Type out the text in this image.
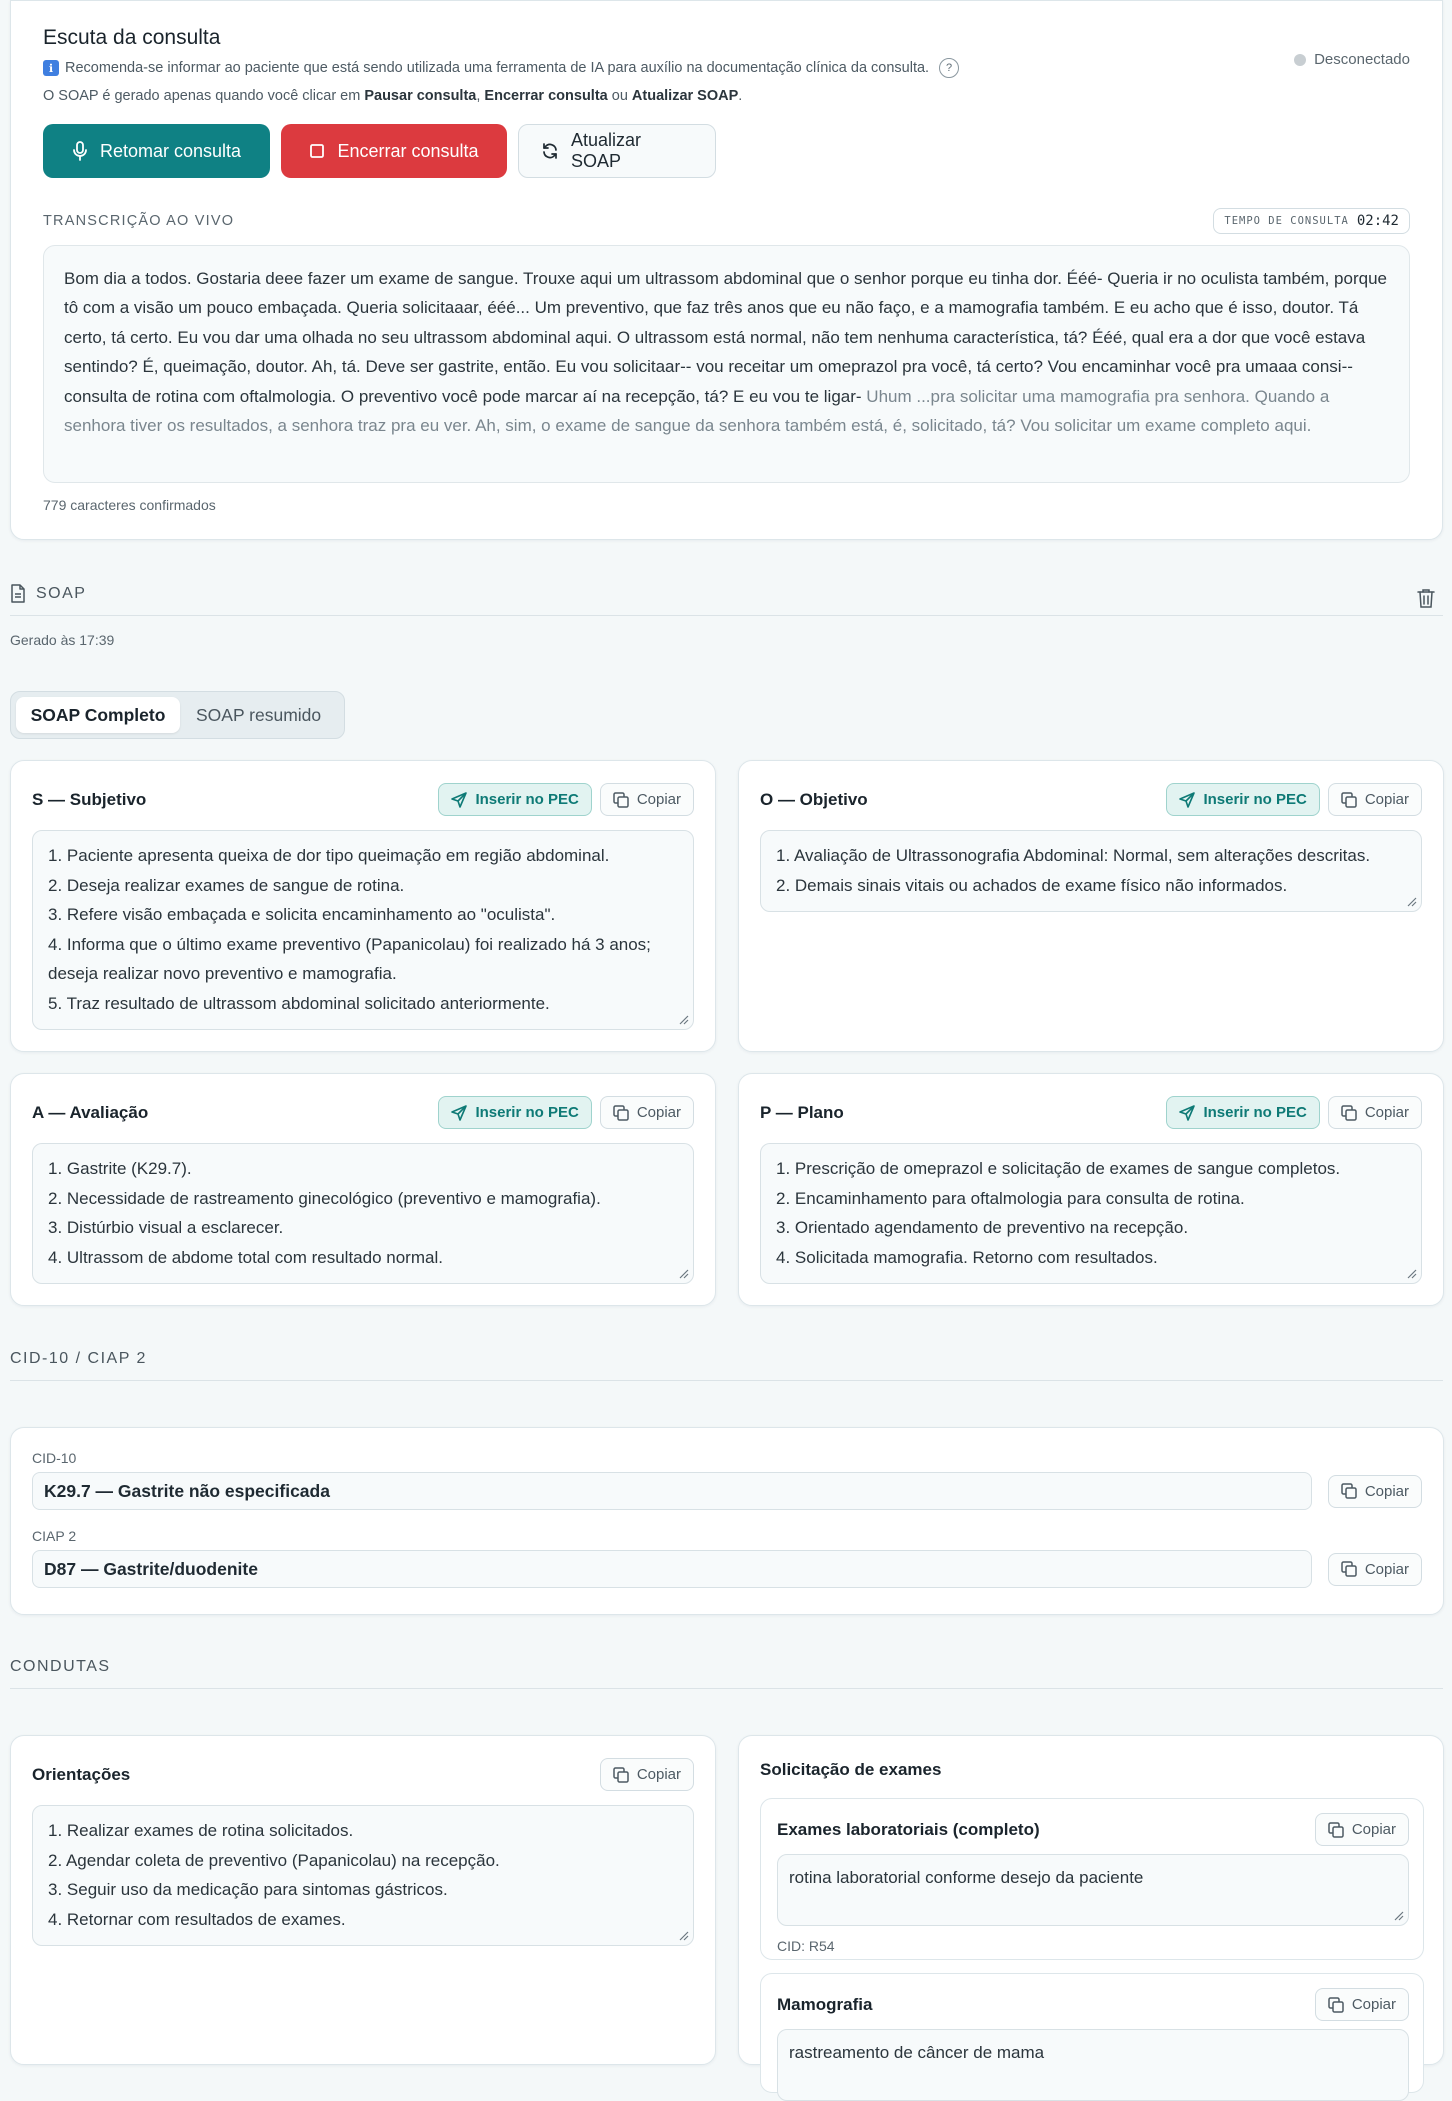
Escuta da consulta
ℹ Recomenda-se informar ao paciente que está sendo utilizada uma ferramenta de IA para auxílio na documentação clínica da consulta.	?
O SOAP é gerado apenas quando você clicar em Pausar consulta, Encerrar consulta ou Atualizar SOAP.
Desconectado
Retomar consulta	Encerrar consulta
Atualizar SOAP
TRANSCRIÇÃO AO VIVO	TEMPO DE CONSULTA 02:42
Bom dia a todos. Gostaria deee fazer um exame de sangue. Trouxe aqui um ultrassom abdominal que o senhor porque eu tinha dor. Ééé- Queria ir no oculista também, porque tô com a visão um pouco embaçada. Queria solicitaaar, ééé... Um preventivo, que faz três anos que eu não faço, e a mamografia também. E eu acho que é isso, doutor. Tá certo, tá certo. Eu vou dar uma olhada no seu ultrassom abdominal aqui. O ultrassom está normal, não tem nenhuma característica, tá? Ééé, qual era a dor que você estava sentindo? É, queimação, doutor. Ah, tá. Deve ser gastrite, então. Eu vou solicitaar-- vou receitar um omeprazol pra você, tá certo? Vou encaminhar você pra umaaa consi-- consulta de rotina com oftalmologia. O preventivo você pode marcar aí na recepção, tá? E eu vou te ligar- Uhum ...pra solicitar uma mamografia pra senhora. Quando a senhora tiver os resultados, a senhora traz pra eu ver. Ah, sim, o exame de sangue da senhora também está, é, solicitado, tá? Vou solicitar um exame completo aqui.
779 caracteres confirmados
SOAP
Gerado às 17:39
SOAP Completo	SOAP resumido
S — Subjetivo	Inserir no PEC	Copiar
1. Paciente apresenta queixa de dor tipo queimação em região abdominal.
2. Deseja realizar exames de sangue de rotina.
3. Refere visão embaçada e solicita encaminhamento ao "oculista".
4. Informa que o último exame preventivo (Papanicolau) foi realizado há 3 anos; deseja realizar novo preventivo e mamografia.
5. Traz resultado de ultrassom abdominal solicitado anteriormente.
O — Objetivo	Inserir no PEC	Copiar
1. Avaliação de Ultrassonografia Abdominal: Normal, sem alterações descritas.
2. Demais sinais vitais ou achados de exame físico não informados.
A — Avaliação	Inserir no PEC	Copiar
1. Gastrite (K29.7).
2. Necessidade de rastreamento ginecológico (preventivo e mamografia).
3. Distúrbio visual a esclarecer.
4. Ultrassom de abdome total com resultado normal.
P — Plano	Inserir no PEC	Copiar
1. Prescrição de omeprazol e solicitação de exames de sangue completos.
2. Encaminhamento para oftalmologia para consulta de rotina.
3. Orientado agendamento de preventivo na recepção.
4. Solicitada mamografia. Retorno com resultados.
CID-10 / CIAP 2
CID-10
K29.7 — Gastrite não especificada	Copiar
CIAP 2
D87 — Gastrite/duodenite	Copiar
CONDUTAS
Orientações	Copiar
1. Realizar exames de rotina solicitados.
2. Agendar coleta de preventivo (Papanicolau) na recepção.
3. Seguir uso da medicação para sintomas gástricos.
4. Retornar com resultados de exames.
Solicitação de exames
Exames laboratoriais (completo)	Copiar
rotina laboratorial conforme desejo da paciente
CID: R54
Mamografia	Copiar
rastreamento de câncer de mama
